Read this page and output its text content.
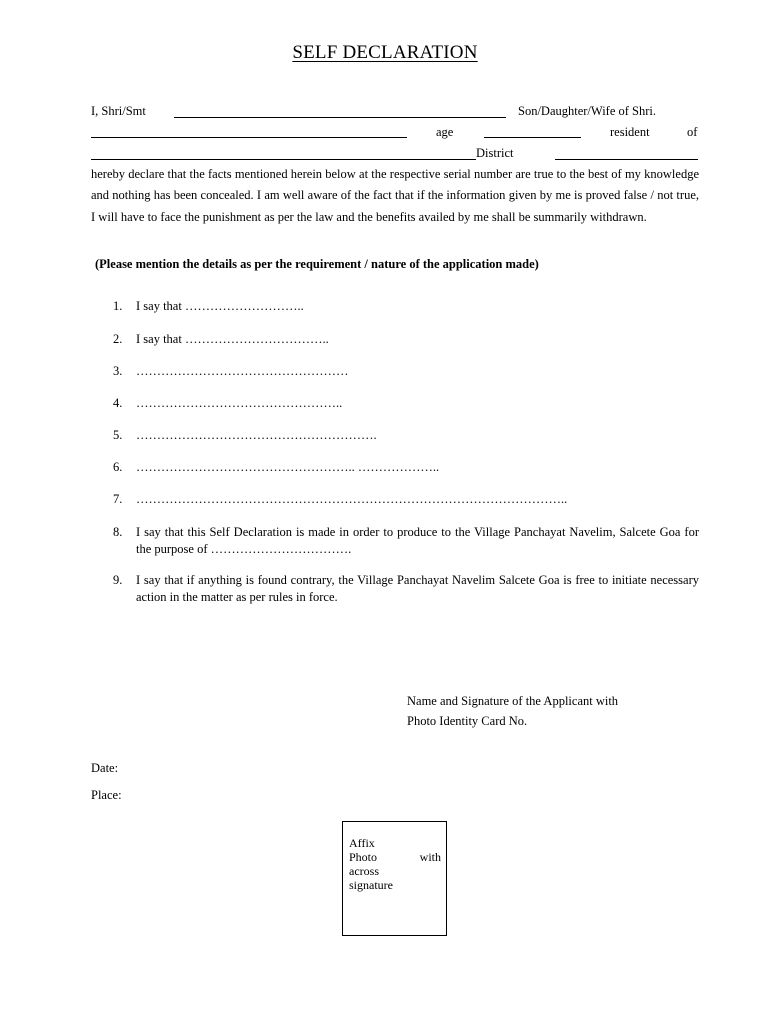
SELF DECLARATION
I, Shri/Smt	Son/Daughter/Wife of Shri.
age	resident	of
District
hereby declare that the facts mentioned herein below at the respective serial number are true to the best of my knowledge and nothing has been concealed. I am well aware of the fact that if the information given by me is proved false / not true, I will have to face the punishment as per the law and the benefits availed by me shall be summarily withdrawn.
(Please mention the details as per the requirement / nature of the application made)
1. I say that ………………………..
2. I say that ……………………………..
3. ……………………………………………
4. …………………………………………..
5. ………………………………………………….
6. …………………………………………….. ………………..
7. …………………………………………………………………………………………..
8. I say that this Self Declaration is made in order to produce to the Village Panchayat Navelim, Salcete Goa for the purpose of …………………………….
9. I say that if anything is found contrary, the Village Panchayat Navelim Salcete Goa is free to initiate necessary action in the matter as per rules in force.
Name and Signature of the Applicant with
Photo Identity Card No.
Date:
Place:
Affix
Photo	with
across
signature
